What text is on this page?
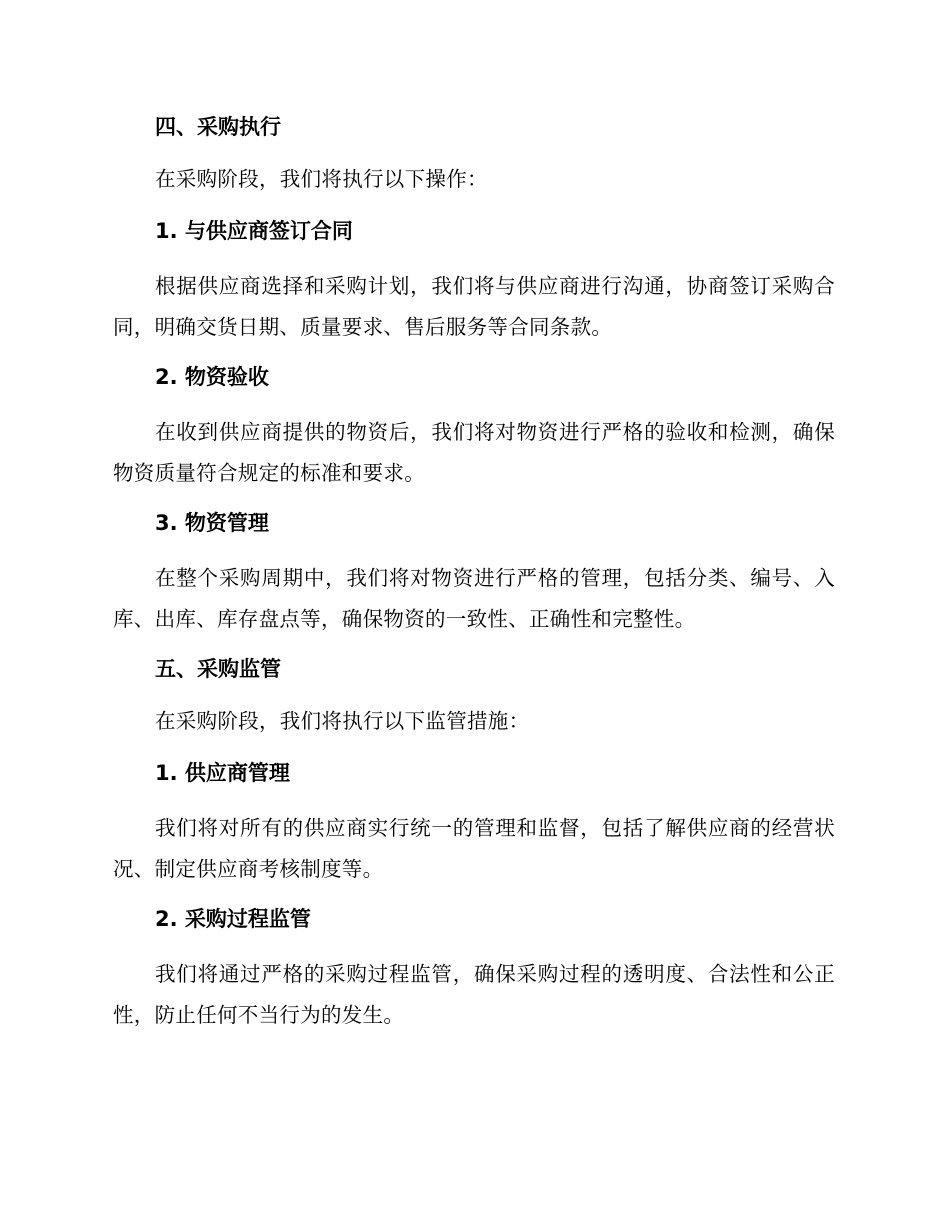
四、采购执行
在采购阶段，我们将执行以下操作：
1. 与供应商签订合同
根据供应商选择和采购计划，我们将与供应商进行沟通，协商签订采购合同，明确交货日期、质量要求、售后服务等合同条款。
2. 物资验收
在收到供应商提供的物资后，我们将对物资进行严格的验收和检测，确保物资质量符合规定的标准和要求。
3. 物资管理
在整个采购周期中，我们将对物资进行严格的管理，包括分类、编号、入库、出库、库存盘点等，确保物资的一致性、正确性和完整性。
五、采购监管
在采购阶段，我们将执行以下监管措施：
1. 供应商管理
我们将对所有的供应商实行统一的管理和监督，包括了解供应商的经营状况、制定供应商考核制度等。
2. 采购过程监管
我们将通过严格的采购过程监管，确保采购过程的透明度、合法性和公正性，防止任何不当行为的发生。
